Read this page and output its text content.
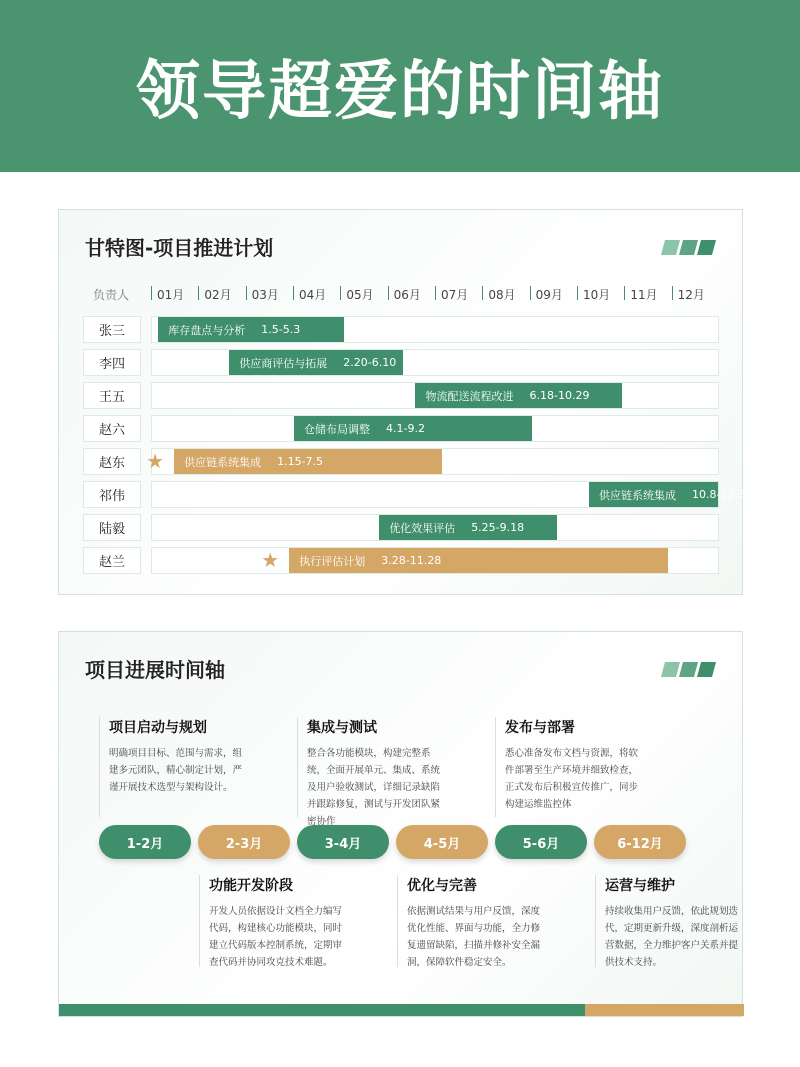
领导超爱的时间轴
甘特图-项目推进计划
负责人 01月 02月 03月 04月 05月 06月 07月 08月 09月 10月 11月 12月
张三	库存盘点与分析 1.5-5.3
李四	供应商评估与拓展 2.20-6.10
王五	物流配送流程改进 6.18-10.29
赵六	仓储布局调整 4.1-9.2
赵东	供应链系统集成 1.15-7.5
★
祁伟	供应链系统集成 10.8-12.30
陆毅	优化效果评估 5.25-9.18
赵兰	执行评估计划 3.28-11.28
★
项目进展时间轴
1-2月
项目启动与规划

明确项目目标、范围与需求，组建多元团队，精心制定计划，严谨开展技术选型与架构设计。

2-3月
功能开发阶段

开发人员依据设计文档全力编写代码，构建核心功能模块，同时建立代码版本控制系统，定期审查代码并协同攻克技术难题。

3-4月
集成与测试

整合各功能模块，构建完整系统，全面开展单元、集成、系统及用户验收测试，详细记录缺陷并跟踪修复，测试与开发团队紧密协作

4-5月
优化与完善

依据测试结果与用户反馈，深度优化性能、界面与功能，全力修复遗留缺陷，扫描并修补安全漏洞，保障软件稳定安全。

5-6月
发布与部署

悉心准备发布文档与资源，将软件部署至生产环境并细致检查，正式发布后积极宣传推广，同步构建运维监控体

6-12月
运营与维护

持续收集用户反馈，依此规划迭代，定期更新升级，深度剖析运营数据，全力维护客户关系并提供技术支持。
